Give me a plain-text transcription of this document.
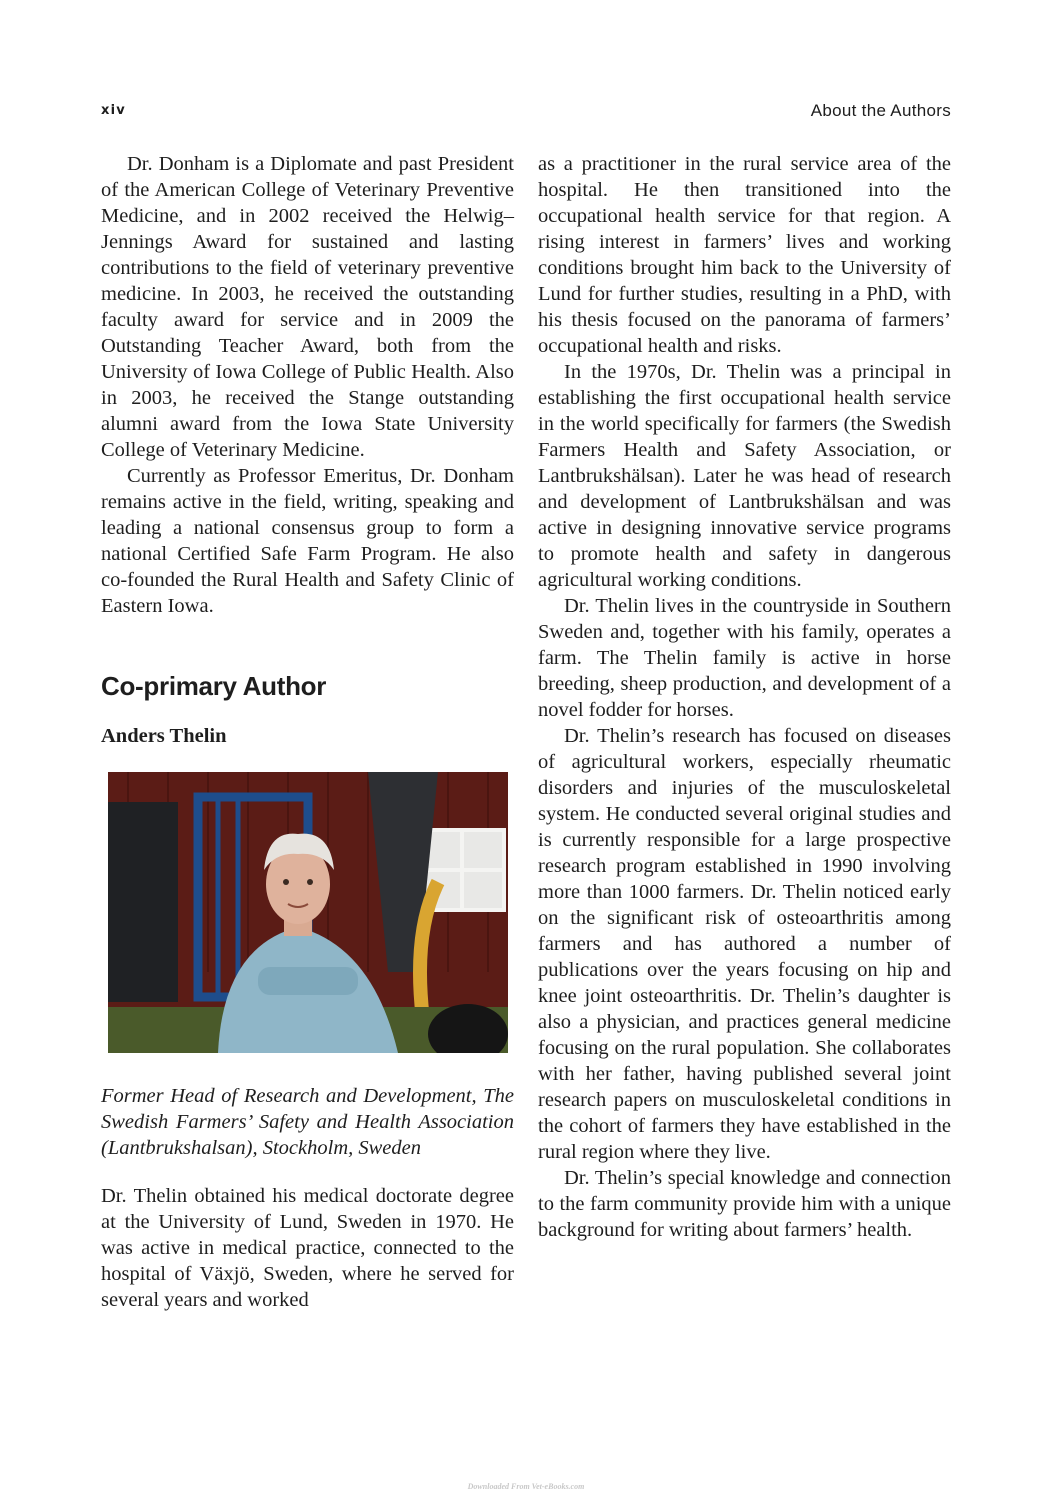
xiv	About the Authors

Dr. Donham is a Diplomate and past President of the American College of Veterinary Preventive Medicine, and in 2002 received the Helwig–Jennings Award for sustained and lasting contributions to the field of veterinary preventive medicine. In 2003, he received the outstanding faculty award for service and in 2009 the Outstanding Teacher Award, both from the University of Iowa College of Public Health. Also in 2003, he received the Stange outstanding alumni award from the Iowa State University College of Veterinary Medicine.

Currently as Professor Emeritus, Dr. Donham remains active in the field, writing, speaking and leading a national consensus group to form a national Certified Safe Farm Program. He also co-founded the Rural Health and Safety Clinic of Eastern Iowa.

Co-primary Author

Anders Thelin

Former Head of Research and Development, The Swedish Farmers’ Safety and Health Association (Lantbrukshalsan), Stockholm, Sweden

Dr. Thelin obtained his medical doctorate degree at the University of Lund, Sweden in 1970. He was active in medical practice, connected to the hospital of Växjö, Sweden, where he served for several years and worked

as a practitioner in the rural service area of the hospital. He then transitioned into the occupational health service for that region. A rising interest in farmers’ lives and working conditions brought him back to the University of Lund for further studies, resulting in a PhD, with his thesis focused on the panorama of farmers’ occupational health and risks.

In the 1970s, Dr. Thelin was a principal in establishing the first occupational health service in the world specifically for farmers (the Swedish Farmers Health and Safety Association, or Lantbrukshälsan). Later he was head of research and development of Lantbrukshälsan and was active in designing innovative service programs to promote health and safety in dangerous agricultural working conditions.

Dr. Thelin lives in the countryside in Southern Sweden and, together with his family, operates a farm. The Thelin family is active in horse breeding, sheep production, and development of a novel fodder for horses.

Dr. Thelin’s research has focused on diseases of agricultural workers, especially rheumatic disorders and injuries of the musculoskeletal system. He conducted several original studies and is currently responsible for a large prospective research program established in 1990 involving more than 1000 farmers. Dr. Thelin noticed early on the significant risk of osteoarthritis among farmers and has authored a number of publications over the years focusing on hip and knee joint osteoarthritis. Dr. Thelin’s daughter is also a physician, and practices general medicine focusing on the rural population. She collaborates with her father, having published several joint research papers on musculoskeletal conditions in the cohort of farmers they have established in the rural region where they live.

Dr. Thelin’s special knowledge and connection to the farm community provide him with a unique background for writing about farmers’ health.

Downloaded From Vet-eBooks.com
